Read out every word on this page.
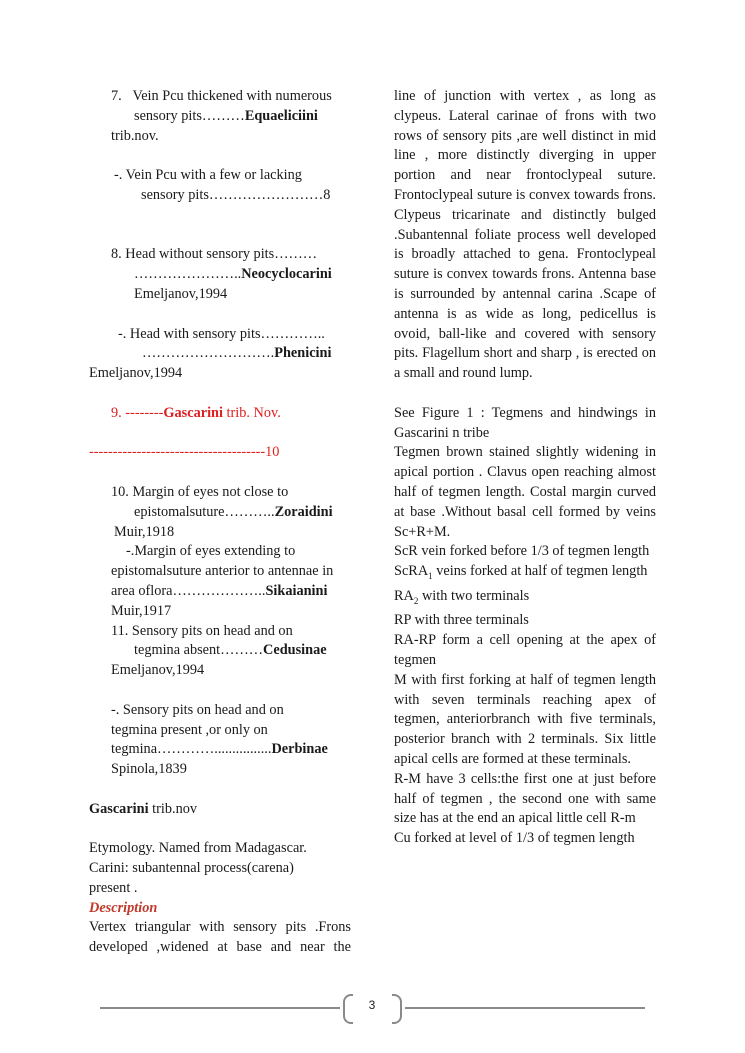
7. Vein Pcu thickened with numerous

sensory pits………Equaeliciini

trib.nov.

-. Vein Pcu with a few or lacking

sensory pits……………………8

8. Head without sensory pits………

…………………..Neocyclocarini

Emeljanov,1994

-. Head with sensory pits…………..

……………………….Phenicini

Emeljanov,1994

9. --------Gascarini trib. Nov.

-------------------------------------10

10. Margin of eyes not close to

epistomalsuture………..Zoraidini

Muir,1918

-.Margin of eyes extending to

epistomalsuture anterior to antennae in

area oflora………………..Sikaianini

Muir,1917

11. Sensory pits on head and on

tegmina absent………Cedusinae

Emeljanov,1994

-. Sensory pits on head and on

tegmina present ,or only on

tegmina…………................Derbinae

Spinola,1839

Gascarini trib.nov

Etymology. Named from Madagascar.

Carini: subantennal process(carena)

present .

Description

Vertex triangular with sensory pits .Frons

developed ,widened at base and near the

line of junction with vertex , as long as clypeus. Lateral carinae of frons with two rows of sensory pits ,are well distinct in mid line , more distinctly diverging in upper portion and near frontoclypeal suture. Frontoclypeal suture is convex towards frons. Clypeus tricarinate and distinctly bulged .Subantennal foliate process well developed is broadly attached to gena. Frontoclypeal suture is convex towards frons. Antenna base is surrounded by antennal carina .Scape of antenna is as wide as long, pedicellus is ovoid, ball-like and covered with sensory pits. Flagellum short and sharp , is erected on a small and round lump.

See Figure 1 : Tegmens and hindwings in Gascarini n tribe

Tegmen brown stained slightly widening in apical portion . Clavus open reaching almost half of tegmen length. Costal margin curved at base .Without basal cell formed by veins Sc+R+M.

ScR vein forked before 1/3 of tegmen length

ScRA$_1$ veins forked at half of tegmen length

$RA_2$ with two terminals

RP with three terminals

RA-RP form a cell opening at the apex of tegmen

M with first forking at half of tegmen length with seven terminals reaching apex of tegmen, anteriorbranch with five terminals, posterior branch with 2 terminals. Six little apical cells are formed at these terminals.

R-M have 3 cells:the first one at just before half of tegmen , the second one with same size has at the end an apical little cell R-m

Cu forked at level of 1/3 of tegmen length

3
